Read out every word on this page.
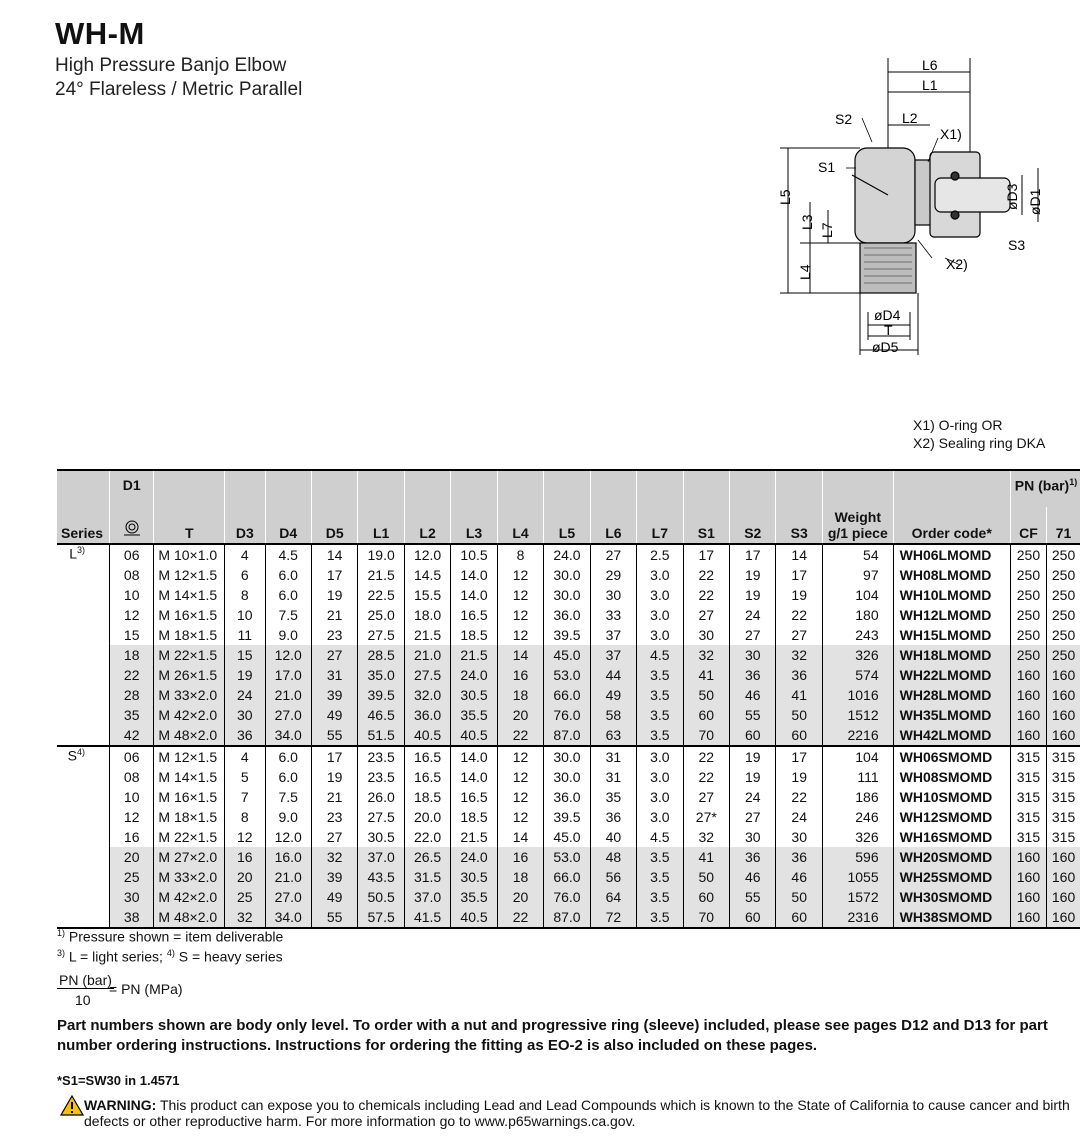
WH-M
High Pressure Banjo Elbow
24° Flareless / Metric Parallel
L6
L1
L2
S2
X1)
S1
L5
L3
L7
L4
øD3 øD1
S3
X2)
øD4
T
øD5
X1) O-ring OR
X2) Sealing ring DKA
	D1																	PN (bar)$^{1)}$
Series		T	D3	D4	D5	L1	L2	L3	L4	L5	L6	L7	S1	S2	S3	Weight g/1 piece	Order code*	CF	71
$L^{3)}$	06	M 10×1.0	4	4.5	14	19.0	12.0	10.5	8	24.0	27	2.5	17	17	14	54	WH06LMOMD	250	250
	08	M 12×1.5	6	6.0	17	21.5	14.5	14.0	12	30.0	29	3.0	22	19	17	97	WH08LMOMD	250	250
	10	M 14×1.5	8	6.0	19	22.5	15.5	14.0	12	30.0	30	3.0	22	19	19	104	WH10LMOMD	250	250
	12	M 16×1.5	10	7.5	21	25.0	18.0	16.5	12	36.0	33	3.0	27	24	22	180	WH12LMOMD	250	250
	15	M 18×1.5	11	9.0	23	27.5	21.5	18.5	12	39.5	37	3.0	30	27	27	243	WH15LMOMD	250	250
	18	M 22×1.5	15	12.0	27	28.5	21.0	21.5	14	45.0	37	4.5	32	30	32	326	WH18LMOMD	250	250
	22	M 26×1.5	19	17.0	31	35.0	27.5	24.0	16	53.0	44	3.5	41	36	36	574	WH22LMOMD	160	160
	28	M 33×2.0	24	21.0	39	39.5	32.0	30.5	18	66.0	49	3.5	50	46	41	1016	WH28LMOMD	160	160
	35	M 42×2.0	30	27.0	49	46.5	36.0	35.5	20	76.0	58	3.5	60	55	50	1512	WH35LMOMD	160	160
	42	M 48×2.0	36	34.0	55	51.5	40.5	40.5	22	87.0	63	3.5	70	60	60	2216	WH42LMOMD	160	160
$S^{4)}$	06	M 12×1.5	4	6.0	17	23.5	16.5	14.0	12	30.0	31	3.0	22	19	17	104	WH06SMOMD	315	315
	08	M 14×1.5	5	6.0	19	23.5	16.5	14.0	12	30.0	31	3.0	22	19	19	111	WH08SMOMD	315	315
	10	M 16×1.5	7	7.5	21	26.0	18.5	16.5	12	36.0	35	3.0	27	24	22	186	WH10SMOMD	315	315
	12	M 18×1.5	8	9.0	23	27.5	20.0	18.5	12	39.5	36	3.0	27*	27	24	246	WH12SMOMD	315	315
	16	M 22×1.5	12	12.0	27	30.5	22.0	21.5	14	45.0	40	4.5	32	30	30	326	WH16SMOMD	315	315
	20	M 27×2.0	16	16.0	32	37.0	26.5	24.0	16	53.0	48	3.5	41	36	36	596	WH20SMOMD	160	160
	25	M 33×2.0	20	21.0	39	43.5	31.5	30.5	18	66.0	56	3.5	50	46	46	1055	WH25SMOMD	160	160
	30	M 42×2.0	25	27.0	49	50.5	37.0	35.5	20	76.0	64	3.5	60	55	50	1572	WH30SMOMD	160	160
	38	M 48×2.0	32	34.0	55	57.5	41.5	40.5	22	87.0	72	3.5	70	60	60	2316	WH38SMOMD	160	160
$^{1)}$ Pressure shown = item deliverable
$^{3)}$ L = light series; $^{4)}$ S = heavy series
PN (bar)
10
= PN (MPa)
Part numbers shown are body only level. To order with a nut and progressive ring (sleeve) included, please see pages D12 and D13 for part number ordering instructions. Instructions for ordering the fitting as EO-2 is also included on these pages.
*S1=SW30 in 1.4571
WARNING: This product can expose you to chemicals including Lead and Lead Compounds which is known to the State of California to cause cancer and birth defects or other reproductive harm. For more information go to www.p65warnings.ca.gov.
